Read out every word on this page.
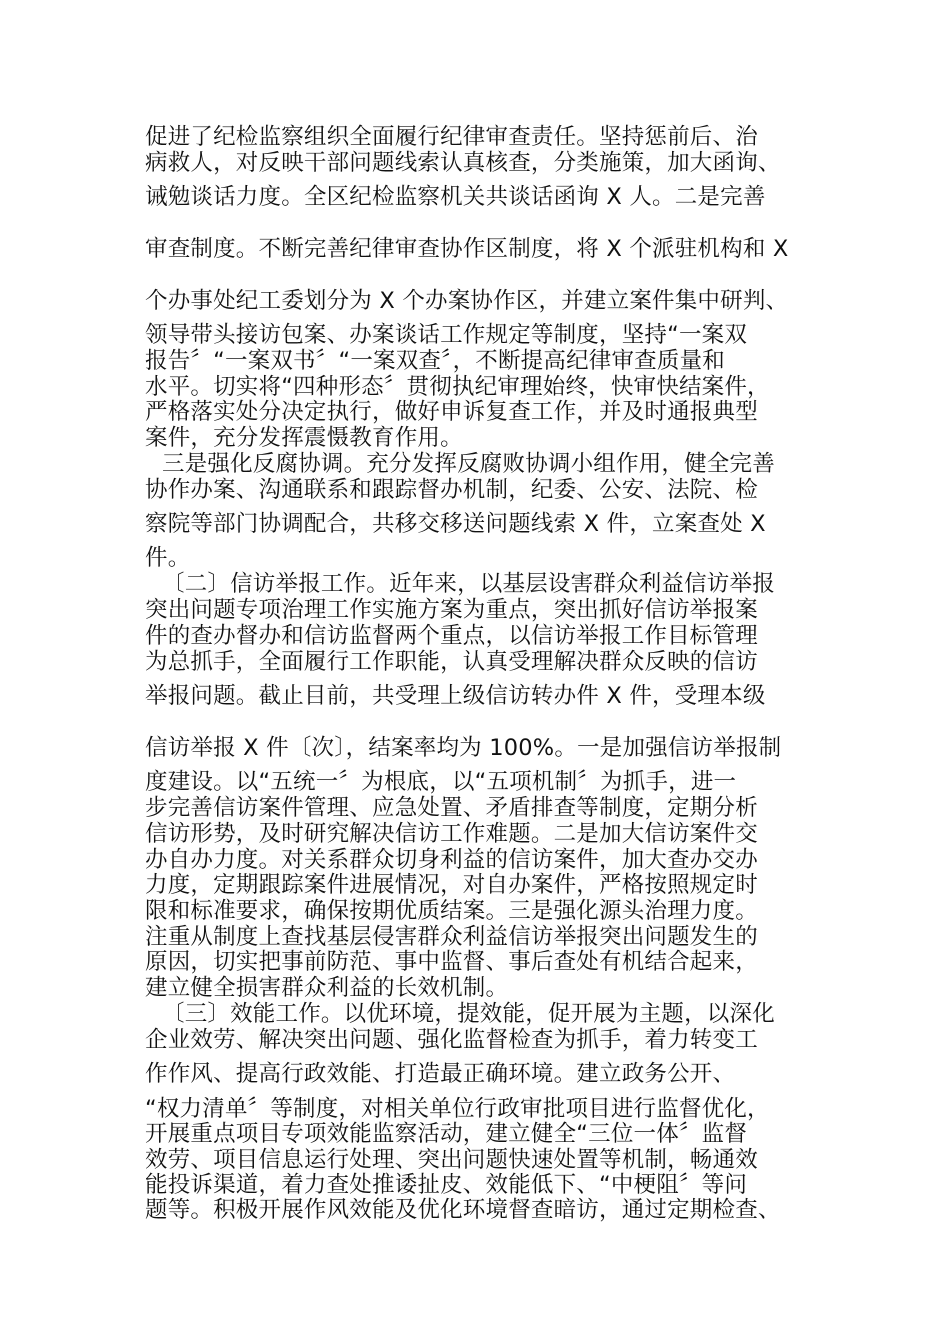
促进了纪检监察组织全面履行纪律审查责任。坚持惩前后、治
病救人，对反映干部问题线索认真核查，分类施策，加大函询、
诫勉谈话力度。全区纪检监察机关共谈话函询 X 人。二是完善
审查制度。不断完善纪律审查协作区制度，将 X 个派驻机构和 X
个办事处纪工委划分为 X 个办案协作区，并建立案件集中研判、
领导带头接访包案、办案谈话工作规定等制度，坚持“一案双
报告〞“一案双书〞“一案双查〞，不断提高纪律审查质量和
水平。切实将“四种形态〞贯彻执纪审理始终，快审快结案件，
严格落实处分决定执行，做好申诉复查工作，并及时通报典型
案件，充分发挥震慑教育作用。
三是强化反腐协调。充分发挥反腐败协调小组作用，健全完善
协作办案、沟通联系和跟踪督办机制，纪委、公安、法院、检
察院等部门协调配合，共移交移送问题线索 X 件，立案查处 X
件。
〔二〕信访举报工作。近年来，以基层设害群众利益信访举报
突出问题专项治理工作实施方案为重点，突出抓好信访举报案
件的查办督办和信访监督两个重点，以信访举报工作目标管理
为总抓手，全面履行工作职能，认真受理解决群众反映的信访
举报问题。截止目前，共受理上级信访转办件 X 件，受理本级
信访举报 X 件〔次〕，结案率均为 100%。一是加强信访举报制
度建设。以“五统一〞为根底，以“五项机制〞为抓手，进一
步完善信访案件管理、应急处置、矛盾排查等制度，定期分析
信访形势，及时研究解决信访工作难题。二是加大信访案件交
办自办力度。对关系群众切身利益的信访案件，加大查办交办
力度，定期跟踪案件进展情况，对自办案件，严格按照规定时
限和标准要求，确保按期优质结案。三是强化源头治理力度。
注重从制度上查找基层侵害群众利益信访举报突出问题发生的
原因，切实把事前防范、事中监督、事后查处有机结合起来，
建立健全损害群众利益的长效机制。
〔三〕效能工作。以优环境，提效能，促开展为主题，以深化
企业效劳、解决突出问题、强化监督检查为抓手，着力转变工
作作风、提高行政效能、打造最正确环境。建立政务公开、
“权力清单〞等制度，对相关单位行政审批项目进行监督优化，
开展重点项目专项效能监察活动，建立健全“三位一体〞监督
效劳、项目信息运行处理、突出问题快速处置等机制，畅通效
能投诉渠道，着力查处推诿扯皮、效能低下、“中梗阻〞等问
题等。积极开展作风效能及优化环境督查暗访，通过定期检查、
